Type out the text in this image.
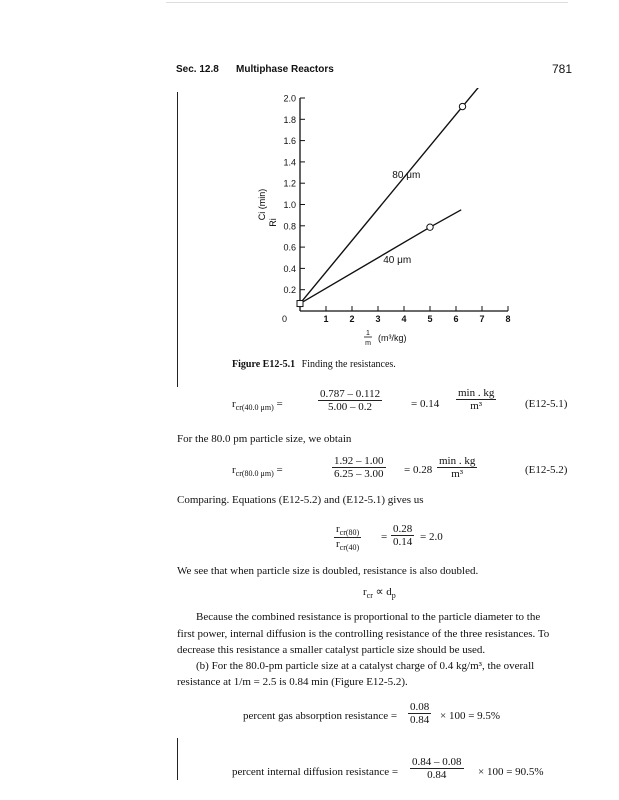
Sec. 12.8 Multiphase Reactors	781
0.2
0.4
0.6
0.8
1.0
1.2
1.4
1.6
1.8
2.0
1 2 3 4 5 6 7 8
0
Ci (min)
Ri
1
m
(m³/kg)
80 μm
40 μm
Figure E12-5.1 Finding the resistances.
$r_{cr(40.0 \mu m)}$ =	$\frac{0.787 - 0.112}{5.00 - 0.2}$	= 0.14
min . kg
m³	(E12-5.1)
For the 80.0 pm particle size, we obtain
$r_{cr(80.0 \mu m)}$ =	$\frac{1.92 - 1.00}{6.25 - 3.00} = 0.28$
min . kg
m³	(E12-5.2)
Comparing. Equations (E12-5.2) and (E12-5.1) gives us
$r_{cr(80)}$
$r_{cr(40)}$
= $\frac{0.28}{0.14} = 2.0$
We see that when particle size is doubled, resistance is also doubled.
$r_{cr} \propto d_p$
Because the combined resistance is proportional to the particle diameter to the
first power, internal diffusion is the controlling resistance of the three resistances. To
decrease this resistance a smaller catalyst particle size should be used.
(b) For the 80.0-pm particle size at a catalyst charge of 0.4 kg/m³, the overall
resistance at 1/m = 2.5 is 0.84 min (Figure E12-5.2).
percent gas absorption resistance = $\frac{0.08}{0.84} \times 100 = 9.5\%$
percent internal diffusion resistance = $\frac{0.84 - 0.08}{0.84} \times 100 = 90.5\%$
